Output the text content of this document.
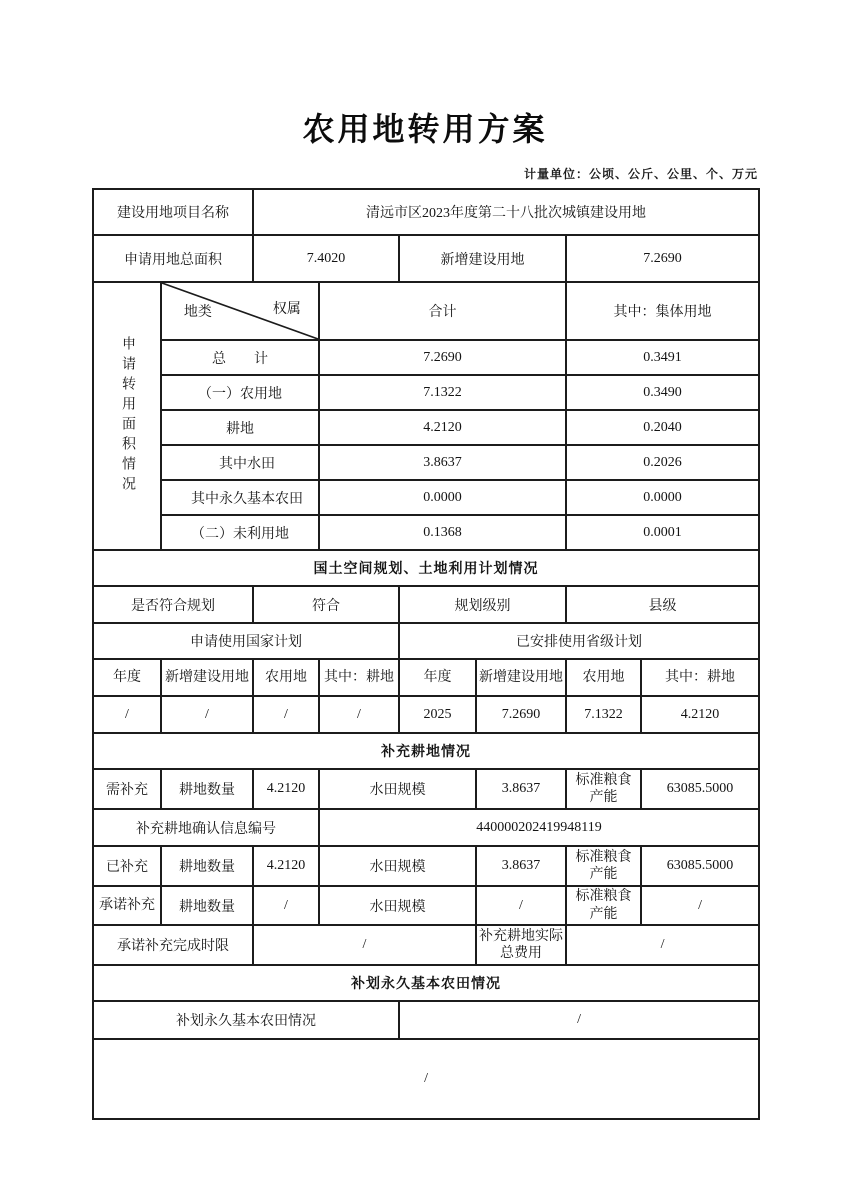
农用地转用方案
计量单位：公顷、公斤、公里、个、万元
建设用地项目名称		清远市区2023年度第二十八批次城镇建设用地					
申请用地总面积		7.4020		新增建设用地		7.2690	

申请转用面积情况	地类 权属		合计			其中：集体用地	
	总　　计		7.2690			0.3491	
	（一）农用地		7.1322			0.3490	
	耕地		4.2120			0.2040	
	其中水田		3.8637			0.2026	
	其中永久基本农田		0.0000			0.0000	
	（二）未利用地		0.1368			0.0001	
国土空间规划、土地利用计划情况							
是否符合规划		符合		规划级别		县级	
申请使用国家计划				已安排使用省级计划			
年度	新增建设用地	农用地	其中：耕地	年度	新增建设用地	农用地	其中：耕地
/	/	/	/	2025	7.2690	7.1322	4.2120
补充耕地情况							
需补充	耕地数量	4.2120	水田规模		3.8637	标准粮食产能	63085.5000
补充耕地确认信息编号			440000202419948119				
已补充	耕地数量	4.2120	水田规模		3.8637	标准粮食产能	63085.5000
承诺补充	耕地数量	/	水田规模		/	标准粮食产能	/
承诺补充完成时限		/			补充耕地实际总费用	/	
补划永久基本农田情况							
补划永久基本农田情况				/			
/							
